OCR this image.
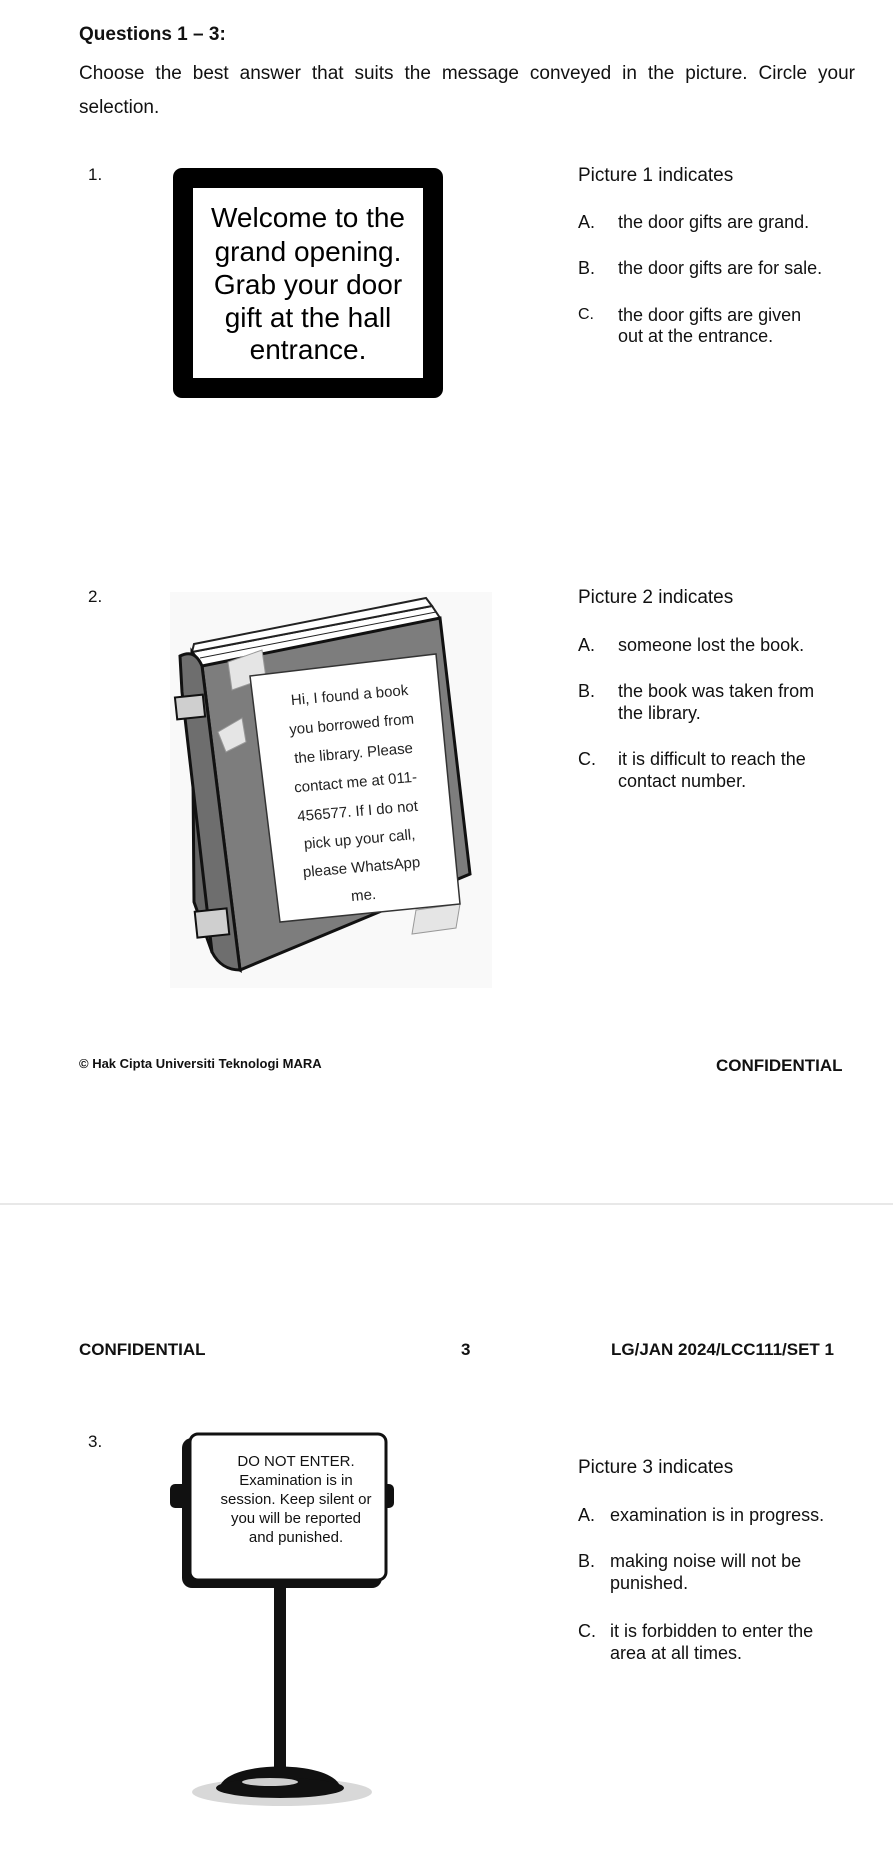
Questions 1 – 3:
Choose the best answer that suits the message conveyed in the picture. Circle your selection.
1.
Welcome to the
grand opening.
Grab your door
gift at the hall
entrance.
Picture 1 indicates
A. the door gifts are grand.
B. the door gifts are for sale.
C. the door gifts are given
out at the entrance.
2.
Hi, I found a book
you borrowed from
the library. Please
contact me at 011-
456577. If I do not
pick up your call,
please WhatsApp
me.
Picture 2 indicates
A. someone lost the book.
B. the book was taken from
the library.
C. it is difficult to reach the
contact number.
© Hak Cipta Universiti Teknologi MARA	CONFIDENTIAL
CONFIDENTIAL	3	LG/JAN 2024/LCC111/SET 1
3.
DO NOT ENTER.
Examination is in
session. Keep silent or
you will be reported
and punished.
Picture 3 indicates
A. examination is in progress.
B. making noise will not be
punished.
C. it is forbidden to enter the
area at all times.
